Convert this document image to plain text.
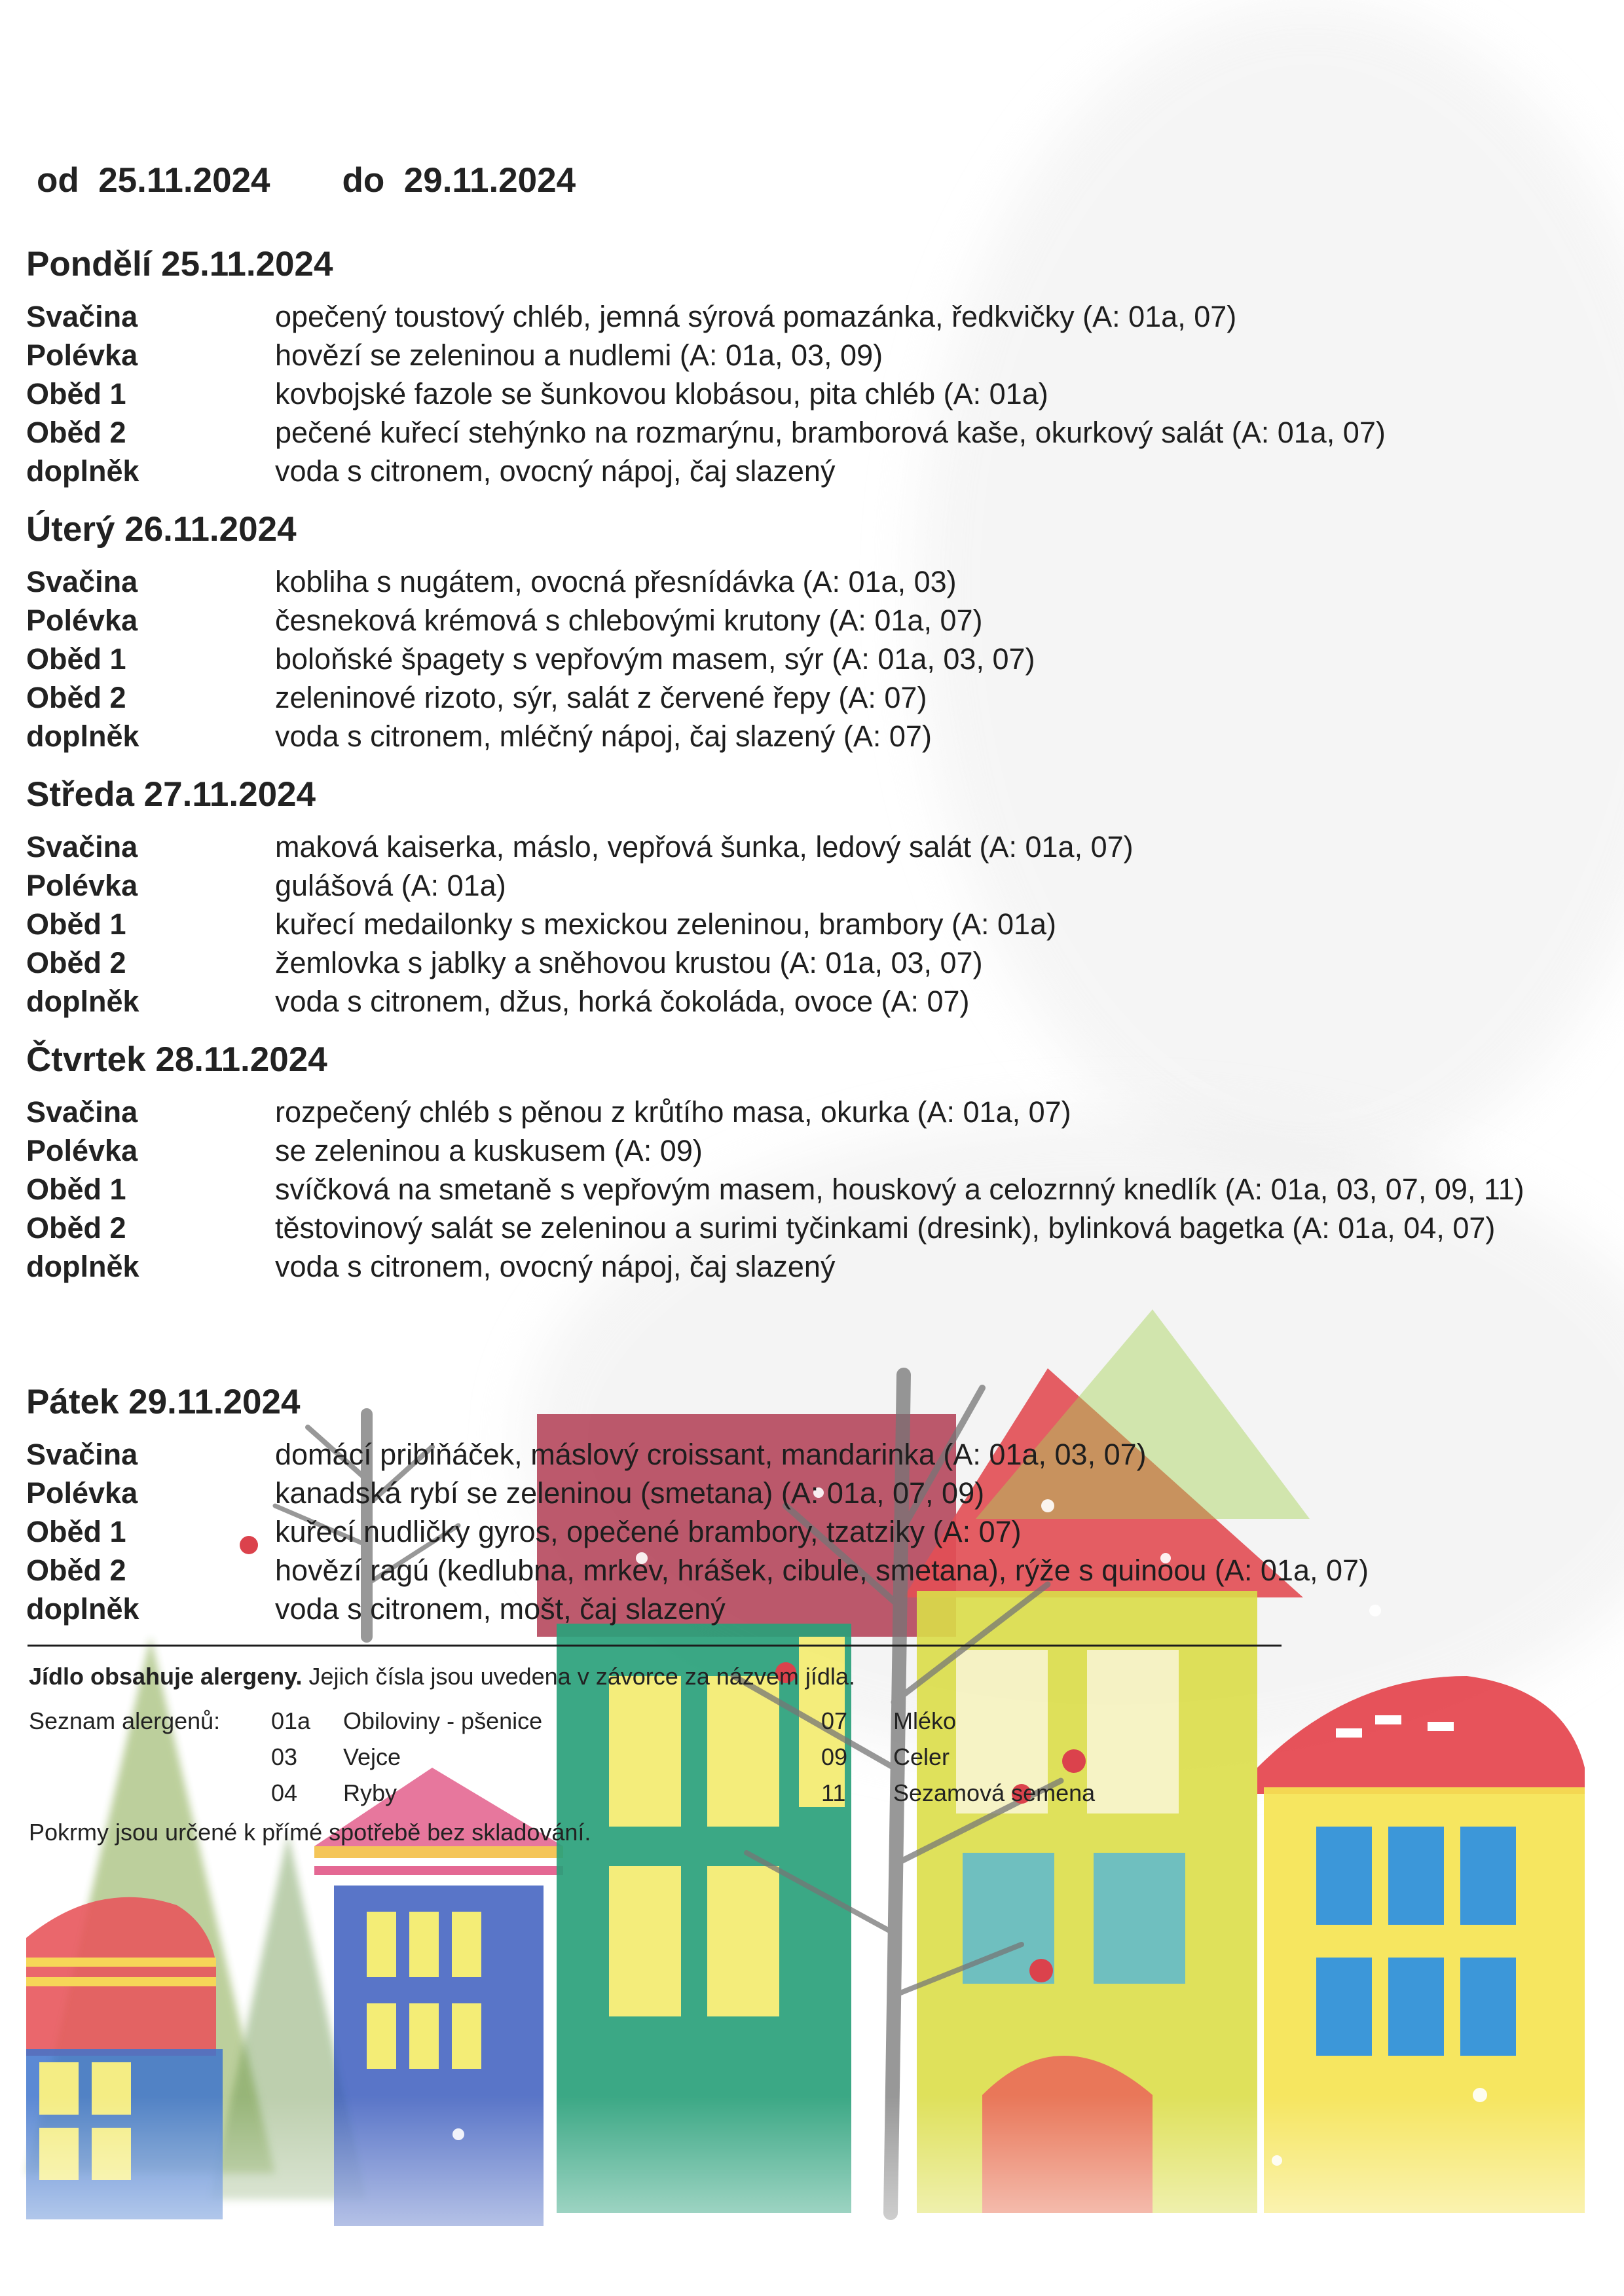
od 25.11.2024 do 29.11.2024
Pondělí 25.11.2024
Svačina	opečený toustový chléb, jemná sýrová pomazánka, ředkvičky (A: 01a, 07)
Polévka	hovězí se zeleninou a nudlemi (A: 01a, 03, 09)
Oběd 1	kovbojské fazole se šunkovou klobásou, pita chléb (A: 01a)
Oběd 2	pečené kuřecí stehýnko na rozmarýnu, bramborová kaše, okurkový salát (A: 01a, 07)
doplněk	voda s citronem, ovocný nápoj, čaj slazený
Úterý 26.11.2024
Svačina	kobliha s nugátem, ovocná přesnídávka (A: 01a, 03)
Polévka	česneková krémová s chlebovými krutony (A: 01a, 07)
Oběd 1	boloňské špagety s vepřovým masem, sýr (A: 01a, 03, 07)
Oběd 2	zeleninové rizoto, sýr, salát z červené řepy (A: 07)
doplněk	voda s citronem, mléčný nápoj, čaj slazený (A: 07)
Středa 27.11.2024
Svačina	maková kaiserka, máslo, vepřová šunka, ledový salát (A: 01a, 07)
Polévka	gulášová (A: 01a)
Oběd 1	kuřecí medailonky s mexickou zeleninou, brambory (A: 01a)
Oběd 2	žemlovka s jablky a sněhovou krustou (A: 01a, 03, 07)
doplněk	voda s citronem, džus, horká čokoláda, ovoce (A: 07)
Čtvrtek 28.11.2024
Svačina	rozpečený chléb s pěnou z krůtího masa, okurka (A: 01a, 07)
Polévka	se zeleninou a kuskusem (A: 09)
Oběd 1	svíčková na smetaně s vepřovým masem, houskový a celozrnný knedlík (A: 01a, 03, 07, 09, 11)
Oběd 2	těstovinový salát se zeleninou a surimi tyčinkami (dresink), bylinková bagetka (A: 01a, 04, 07)
doplněk	voda s citronem, ovocný nápoj, čaj slazený
Pátek 29.11.2024
Svačina	domácí pribiňáček, máslový croissant, mandarinka (A: 01a, 03, 07)
Polévka	kanadská rybí se zeleninou (smetana) (A: 01a, 07, 09)
Oběd 1	kuřecí nudličky gyros, opečené brambory, tzatziky (A: 07)
Oběd 2	hovězí ragú (kedlubna, mrkev, hrášek, cibule, smetana), rýže s quinoou (A: 01a, 07)
doplněk	voda s citronem, mošt, čaj slazený
Jídlo obsahuje alergeny. Jejich čísla jsou uvedena v závorce za názvem jídla.
Seznam alergenů: 01a Obiloviny - pšenice
03 Vejce
04 Ryby
07 Mléko
09 Celer
11 Sezamová semena
Pokrmy jsou určené k přímé spotřebě bez skladování.
